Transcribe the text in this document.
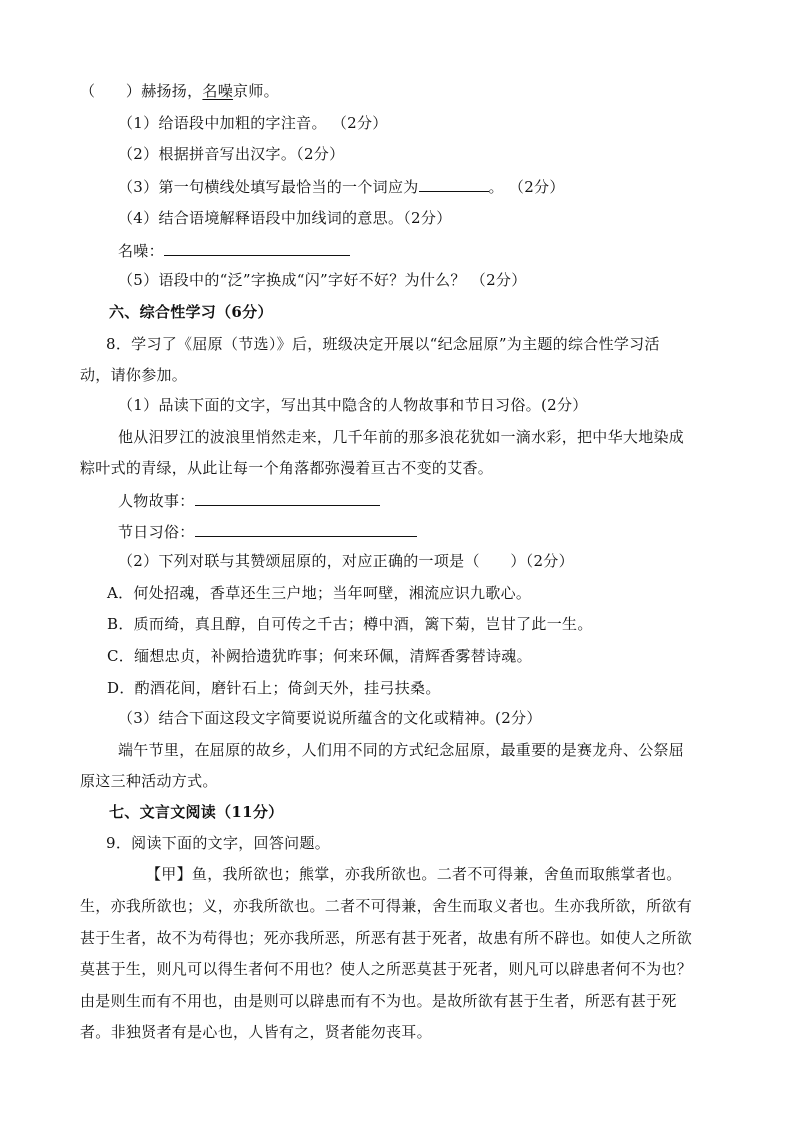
（　　）赫扬扬，名噪京师。
（1）给语段中加粗的字注音。 （2分）
（2）根据拼音写出汉字。（2分）
（3）第一句横线处填写最恰当的一个词应为	。 （2分）
（4）结合语境解释语段中加线词的意思。（2分）
名噪：
（5）语段中的“泛”字换成“闪”字好不好？为什么？ （2分）
六、综合性学习（6分）
8．学习了《屈原（节选）》后，班级决定开展以“纪念屈原”为主题的综合性学习活
动，请你参加。
（1）品读下面的文字，写出其中隐含的人物故事和节日习俗。(2分）
他从汨罗江的波浪里悄然走来，几千年前的那多浪花犹如一滴水彩，把中华大地染成
粽叶式的青绿，从此让每一个角落都弥漫着亘古不变的艾香。
人物故事：
节日习俗：
（2）下列对联与其赞颂屈原的，对应正确的一项是（　　）（2分）
A．何处招魂，香草还生三户地；当年呵壁，湘流应识九歌心。
B．质而绮，真且醇，自可传之千古；樽中酒，篱下菊，岂甘了此一生。
C．缅想忠贞，补阙拾遗犹昨事；何来环佩，清辉香雾替诗魂。
D．酌酒花间，磨针石上；倚剑天外，挂弓扶桑。
（3）结合下面这段文字简要说说所蕴含的文化或精神。(2分）
端午节里，在屈原的故乡，人们用不同的方式纪念屈原，最重要的是赛龙舟、公祭屈
原这三种活动方式。
七、文言文阅读（11分）
9．阅读下面的文字，回答问题。
【甲】鱼，我所欲也；熊掌，亦我所欲也。二者不可得兼，舍鱼而取熊掌者也。
生，亦我所欲也；义，亦我所欲也。二者不可得兼，舍生而取义者也。生亦我所欲，所欲有
甚于生者，故不为苟得也；死亦我所恶，所恶有甚于死者，故患有所不辟也。如使人之所欲
莫甚于生，则凡可以得生者何不用也？使人之所恶莫甚于死者，则凡可以辟患者何不为也？
由是则生而有不用也，由是则可以辟患而有不为也。是故所欲有甚于生者，所恶有甚于死
者。非独贤者有是心也，人皆有之，贤者能勿丧耳。
